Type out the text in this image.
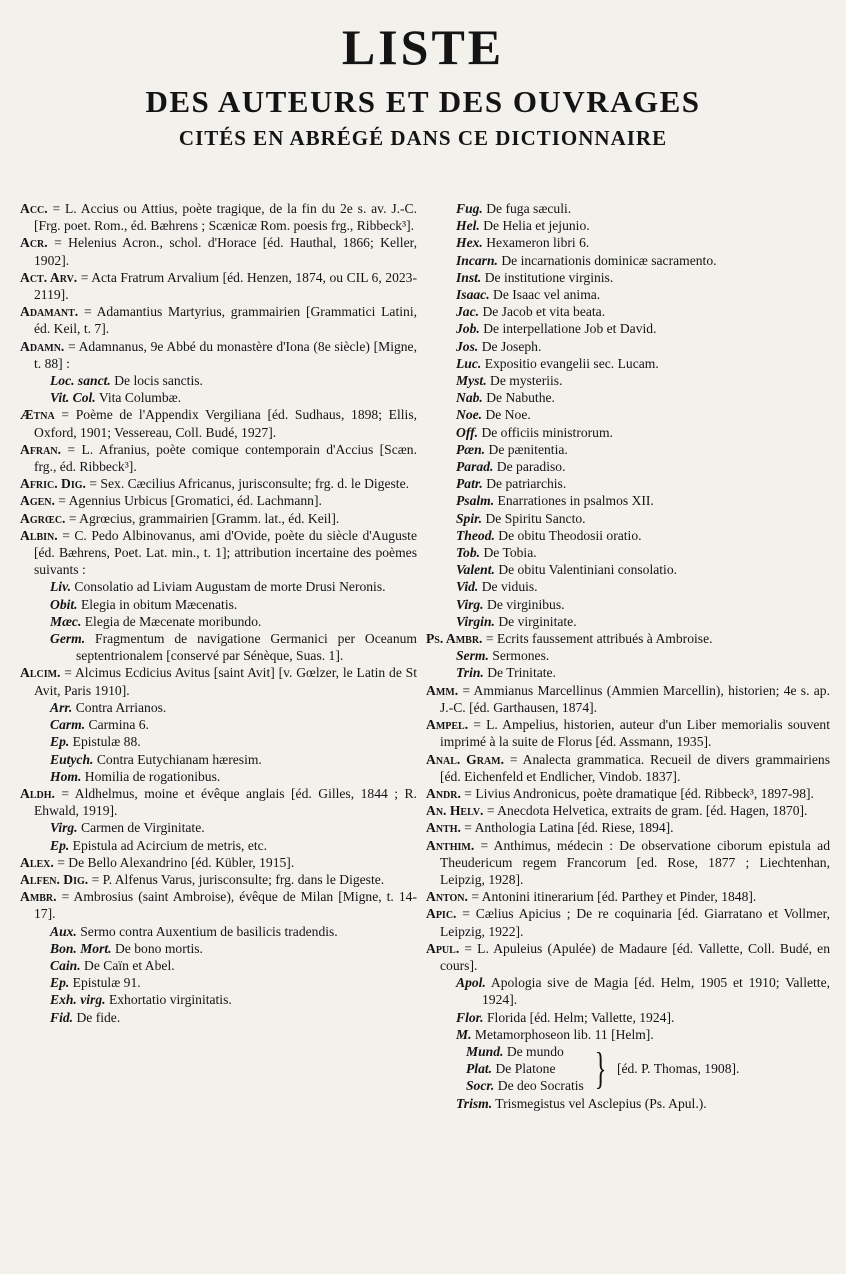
LISTE
DES AUTEURS ET DES OUVRAGES
CITÉS EN ABRÉGÉ DANS CE DICTIONNAIRE
Acc. = L. Accius ou Attius, poète tragique, de la fin du 2e s. av. J.-C. [Frg. poet. Rom., éd. Bæhrens ; Scænicæ Rom. poesis frg., Ribbeck³].
Acr. = Helenius Acron., schol. d'Horace [éd. Hauthal, 1866; Keller, 1902].
Act. Arv. = Acta Fratrum Arvalium [éd. Henzen, 1874, ou CIL 6, 2023-2119].
Adamant. = Adamantius Martyrius, grammairien [Grammatici Latini, éd. Keil, t. 7].
Adamn. = Adamnanus, 9e Abbé du monastère d'Iona (8e siècle) [Migne, t. 88] :
Loc. sanct. De locis sanctis.
Vit. Col. Vita Columbæ.
Ætna = Poème de l'Appendix Vergiliana [éd. Sudhaus, 1898; Ellis, Oxford, 1901; Vessereau, Coll. Budé, 1927].
Afran. = L. Afranius, poète comique contemporain d'Accius [Scæn. frg., éd. Ribbeck³].
Afric. Dig. = Sex. Cæcilius Africanus, jurisconsulte; frg. d. le Digeste.
Agen. = Agennius Urbicus [Gromatici, éd. Lachmann].
Agrœc. = Agrœcius, grammairien [Gramm. lat., éd. Keil].
Albin. = C. Pedo Albinovanus, ami d'Ovide, poète du siècle d'Auguste [éd. Bæhrens, Poet. Lat. min., t. 1]; attribution incertaine des poèmes suivants :
Liv. Consolatio ad Liviam Augustam de morte Drusi Neronis.
Obit. Elegia in obitum Mæcenatis.
Mæc. Elegia de Mæcenate moribundo.
Germ. Fragmentum de navigatione Germanici per Oceanum septentrionalem [conservé par Sénèque, Suas. 1].
Alcim. = Alcimus Ecdicius Avitus [saint Avit] [v. Gœlzer, le Latin de St Avit, Paris 1910].
Arr. Contra Arrianos.
Carm. Carmina 6.
Ep. Epistulæ 88.
Eutych. Contra Eutychianam hæresim.
Hom. Homilia de rogationibus.
Aldh. = Aldhelmus, moine et évêque anglais [éd. Gilles, 1844 ; R. Ehwald, 1919].
Virg. Carmen de Virginitate.
Ep. Epistula ad Acircium de metris, etc.
Alex. = De Bello Alexandrino [éd. Kübler, 1915].
Alfen. Dig. = P. Alfenus Varus, jurisconsulte; frg. dans le Digeste.
Ambr. = Ambrosius (saint Ambroise), évêque de Milan [Migne, t. 14-17].
Aux. Sermo contra Auxentium de basilicis tradendis.
Bon. Mort. De bono mortis.
Cain. De Caïn et Abel.
Ep. Epistulæ 91.
Exh. virg. Exhortatio virginitatis.
Fid. De fide.
Fug. De fuga sæculi.
Hel. De Helia et jejunio.
Hex. Hexameron libri 6.
Incarn. De incarnationis dominicæ sacramento.
Inst. De institutione virginis.
Isaac. De Isaac vel anima.
Jac. De Jacob et vita beata.
Job. De interpellatione Job et David.
Jos. De Joseph.
Luc. Expositio evangelii sec. Lucam.
Myst. De mysteriis.
Nab. De Nabuthe.
Noe. De Noe.
Off. De officiis ministrorum.
Pæn. De pænitentia.
Parad. De paradiso.
Patr. De patriarchis.
Psalm. Enarrationes in psalmos XII.
Spir. De Spiritu Sancto.
Theod. De obitu Theodosii oratio.
Tob. De Tobia.
Valent. De obitu Valentiniani consolatio.
Vid. De viduis.
Virg. De virginibus.
Virgin. De virginitate.
Ps. Ambr. = Ecrits faussement attribués à Ambroise.
Serm. Sermones.
Trin. De Trinitate.
Amm. = Ammianus Marcellinus (Ammien Marcellin), historien; 4e s. ap. J.-C. [éd. Garthausen, 1874].
Ampel. = L. Ampelius, historien, auteur d'un Liber memorialis souvent imprimé à la suite de Florus [éd. Assmann, 1935].
Anal. Gram. = Analecta grammatica. Recueil de divers grammairiens [éd. Eichenfeld et Endlicher, Vindob. 1837].
Andr. = Livius Andronicus, poète dramatique [éd. Ribbeck³, 1897-98].
An. Helv. = Anecdota Helvetica, extraits de gram. [éd. Hagen, 1870].
Anth. = Anthologia Latina [éd. Riese, 1894].
Anthim. = Anthimus, médecin : De observatione ciborum epistula ad Theudericum regem Francorum [ed. Rose, 1877 ; Liechtenhan, Leipzig, 1928].
Anton. = Antonini itinerarium [éd. Parthey et Pinder, 1848].
Apic. = Cælius Apicius ; De re coquinaria [éd. Giarratano et Vollmer, Leipzig, 1922].
Apul. = L. Apuleius (Apulée) de Madaure [éd. Vallette, Coll. Budé, en cours].
Apol. Apologia sive de Magia [éd. Helm, 1905 et 1910; Vallette, 1924].
Flor. Florida [éd. Helm; Vallette, 1924].
M. Metamorphoseon lib. 11 [Helm].
Mund. De mundo
Plat. De Platone
Socr. De deo Socratis } [éd. P. Thomas, 1908].
Trism. Trismegistus vel Asclepius (Ps. Apul.).
